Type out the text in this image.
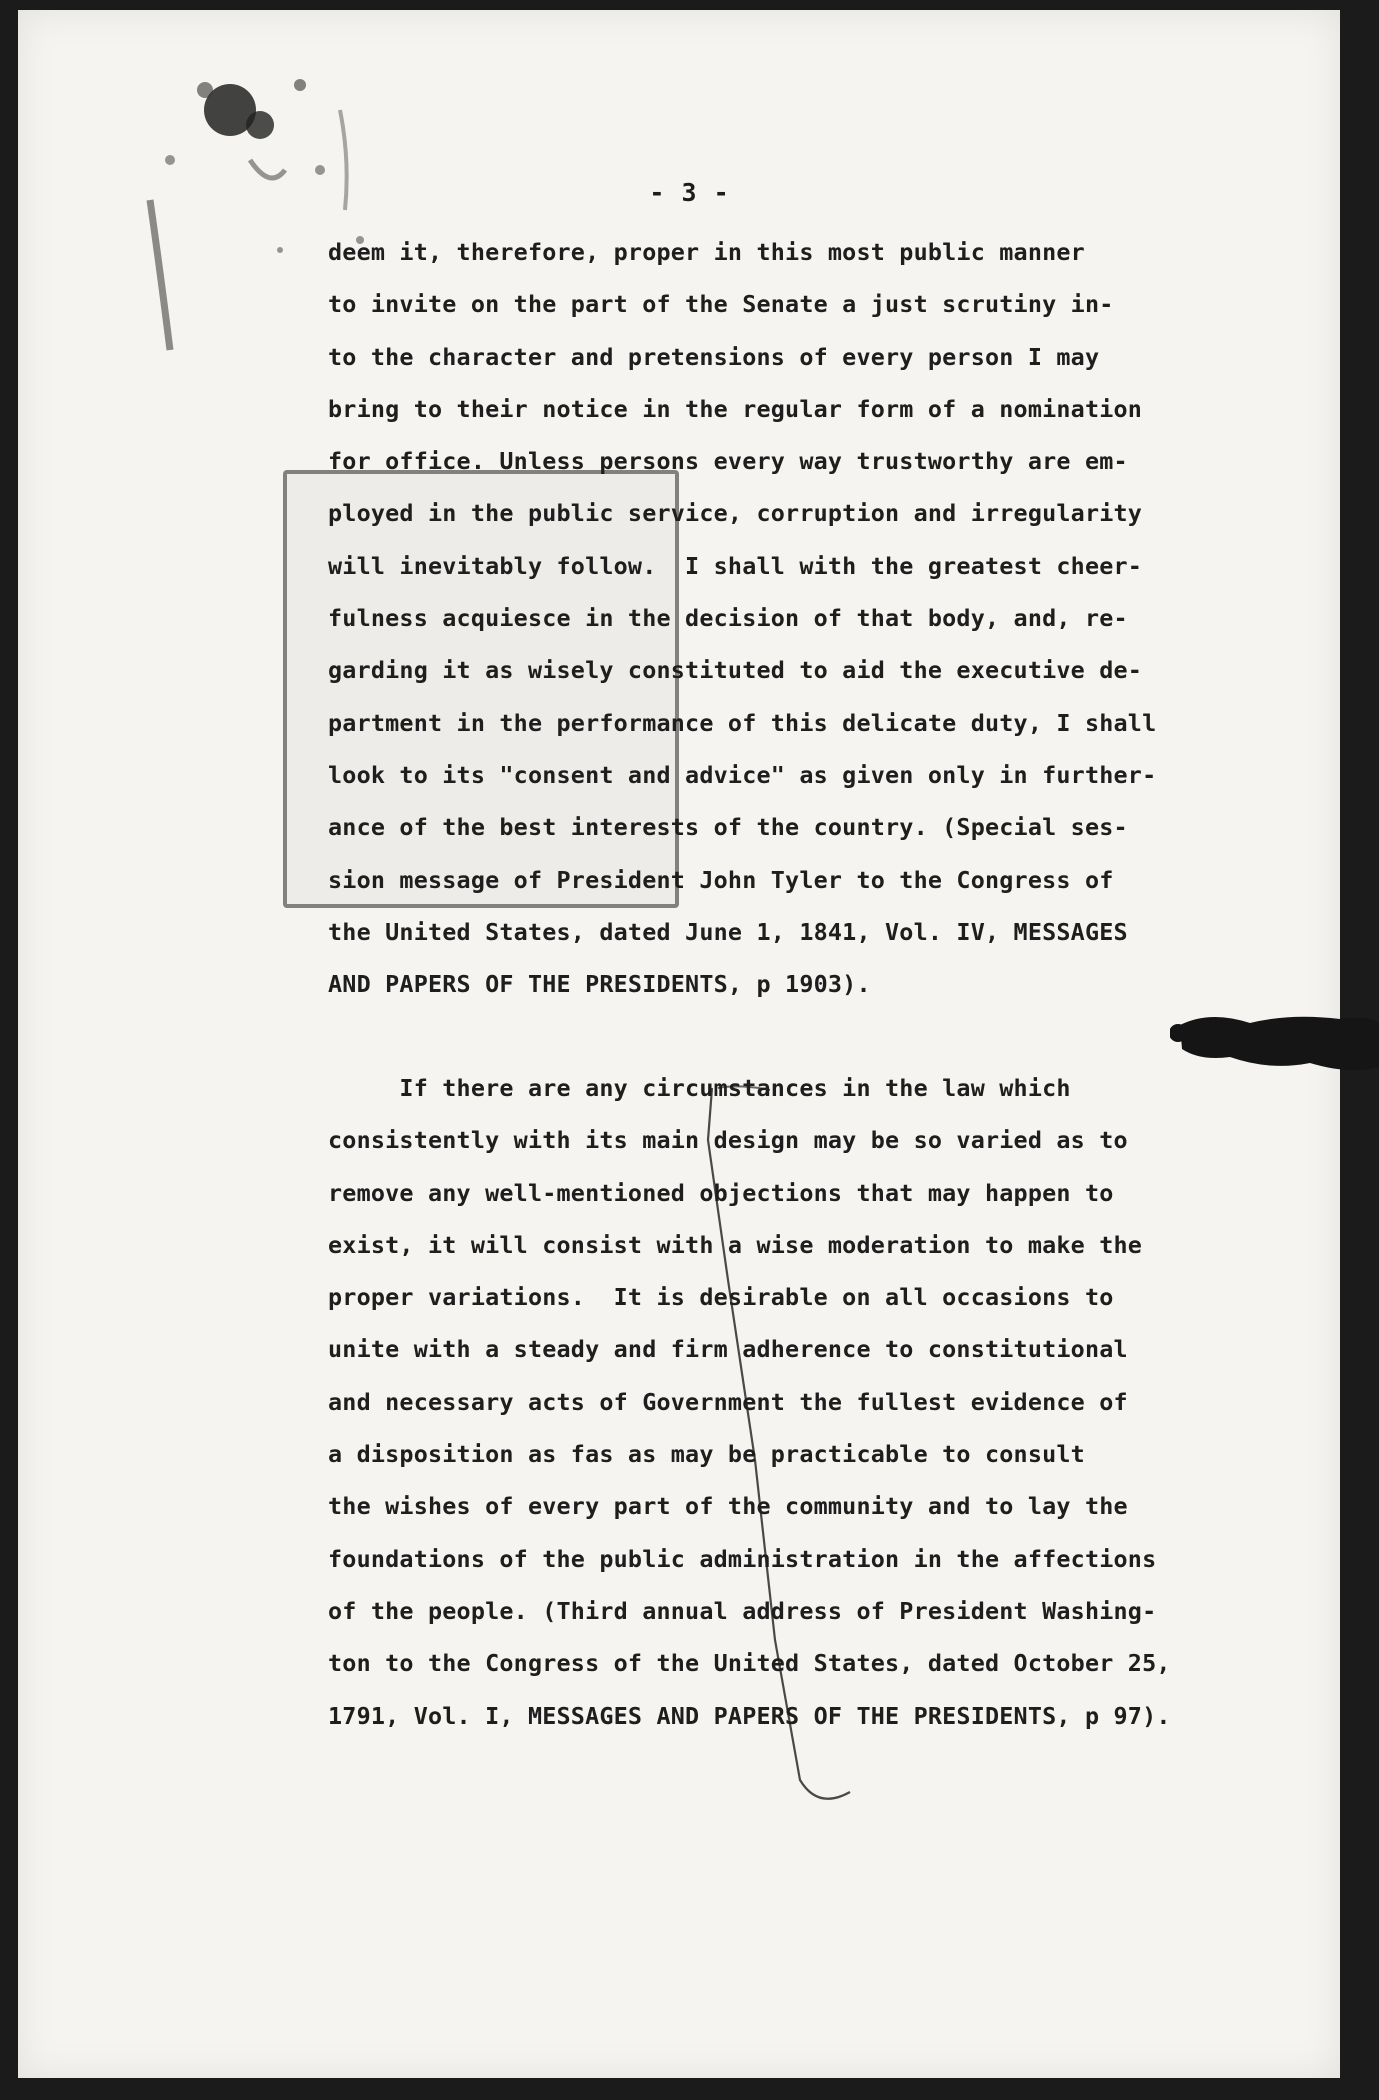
- 3 -
deem it, therefore, proper in this most public manner
to invite on the part of the Senate a just scrutiny in-
to the character and pretensions of every person I may
bring to their notice in the regular form of a nomination
for office. Unless persons every way trustworthy are em-
ployed in the public service, corruption and irregularity
will inevitably follow.  I shall with the greatest cheer-
fulness acquiesce in the decision of that body, and, re-
garding it as wisely constituted to aid the executive de-
partment in the performance of this delicate duty, I shall
look to its "consent and advice" as given only in further-
ance of the best interests of the country. (Special ses-
sion message of President John Tyler to the Congress of
the United States, dated June 1, 1841, Vol. IV, MESSAGES
AND PAPERS OF THE PRESIDENTS, p 1903).
If there are any circumstances in the law which
consistently with its main design may be so varied as to
remove any well-mentioned objections that may happen to
exist, it will consist with a wise moderation to make the
proper variations.  It is desirable on all occasions to
unite with a steady and firm adherence to constitutional
and necessary acts of Government the fullest evidence of
a disposition as fas as may be practicable to consult
the wishes of every part of the community and to lay the
foundations of the public administration in the affections
of the people. (Third annual address of President Washing-
ton to the Congress of the United States, dated October 25,
1791, Vol. I, MESSAGES AND PAPERS OF THE PRESIDENTS, p 97).
